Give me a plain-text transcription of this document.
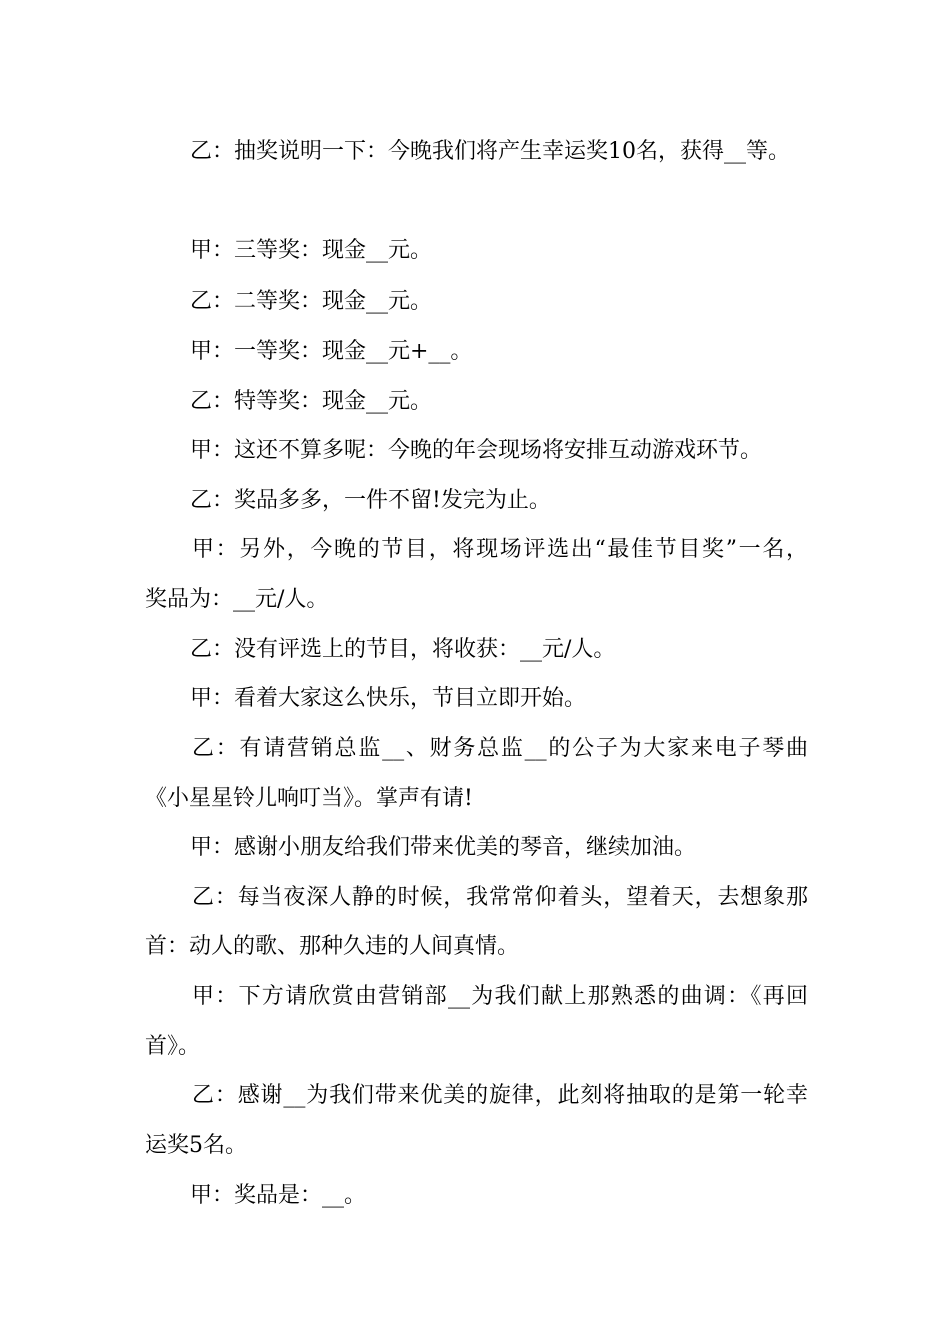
乙：抽奖说明一下：今晚我们将产生幸运奖10名，获得__等。
甲：三等奖：现金__元。
乙：二等奖：现金__元。
甲：一等奖：现金__元+__。
乙：特等奖：现金__元。
甲：这还不算多呢：今晚的年会现场将安排互动游戏环节。
乙：奖品多多，一件不留!发完为止。
甲：另外，今晚的节目，将现场评选出“最佳节目奖”一名，
奖品为：__元/人。
乙：没有评选上的节目，将收获：__元/人。
甲：看着大家这么快乐，节目立即开始。
乙：有请营销总监__、财务总监__的公子为大家来电子琴曲
《小星星铃儿响叮当》。掌声有请!
甲：感谢小朋友给我们带来优美的琴音，继续加油。
乙：每当夜深人静的时候，我常常仰着头，望着天，去想象那
首：动人的歌、那种久违的人间真情。
甲：下方请欣赏由营销部__为我们献上那熟悉的曲调：《再回
首》。
乙：感谢__为我们带来优美的旋律，此刻将抽取的是第一轮幸
运奖5名。
甲：奖品是：__。
